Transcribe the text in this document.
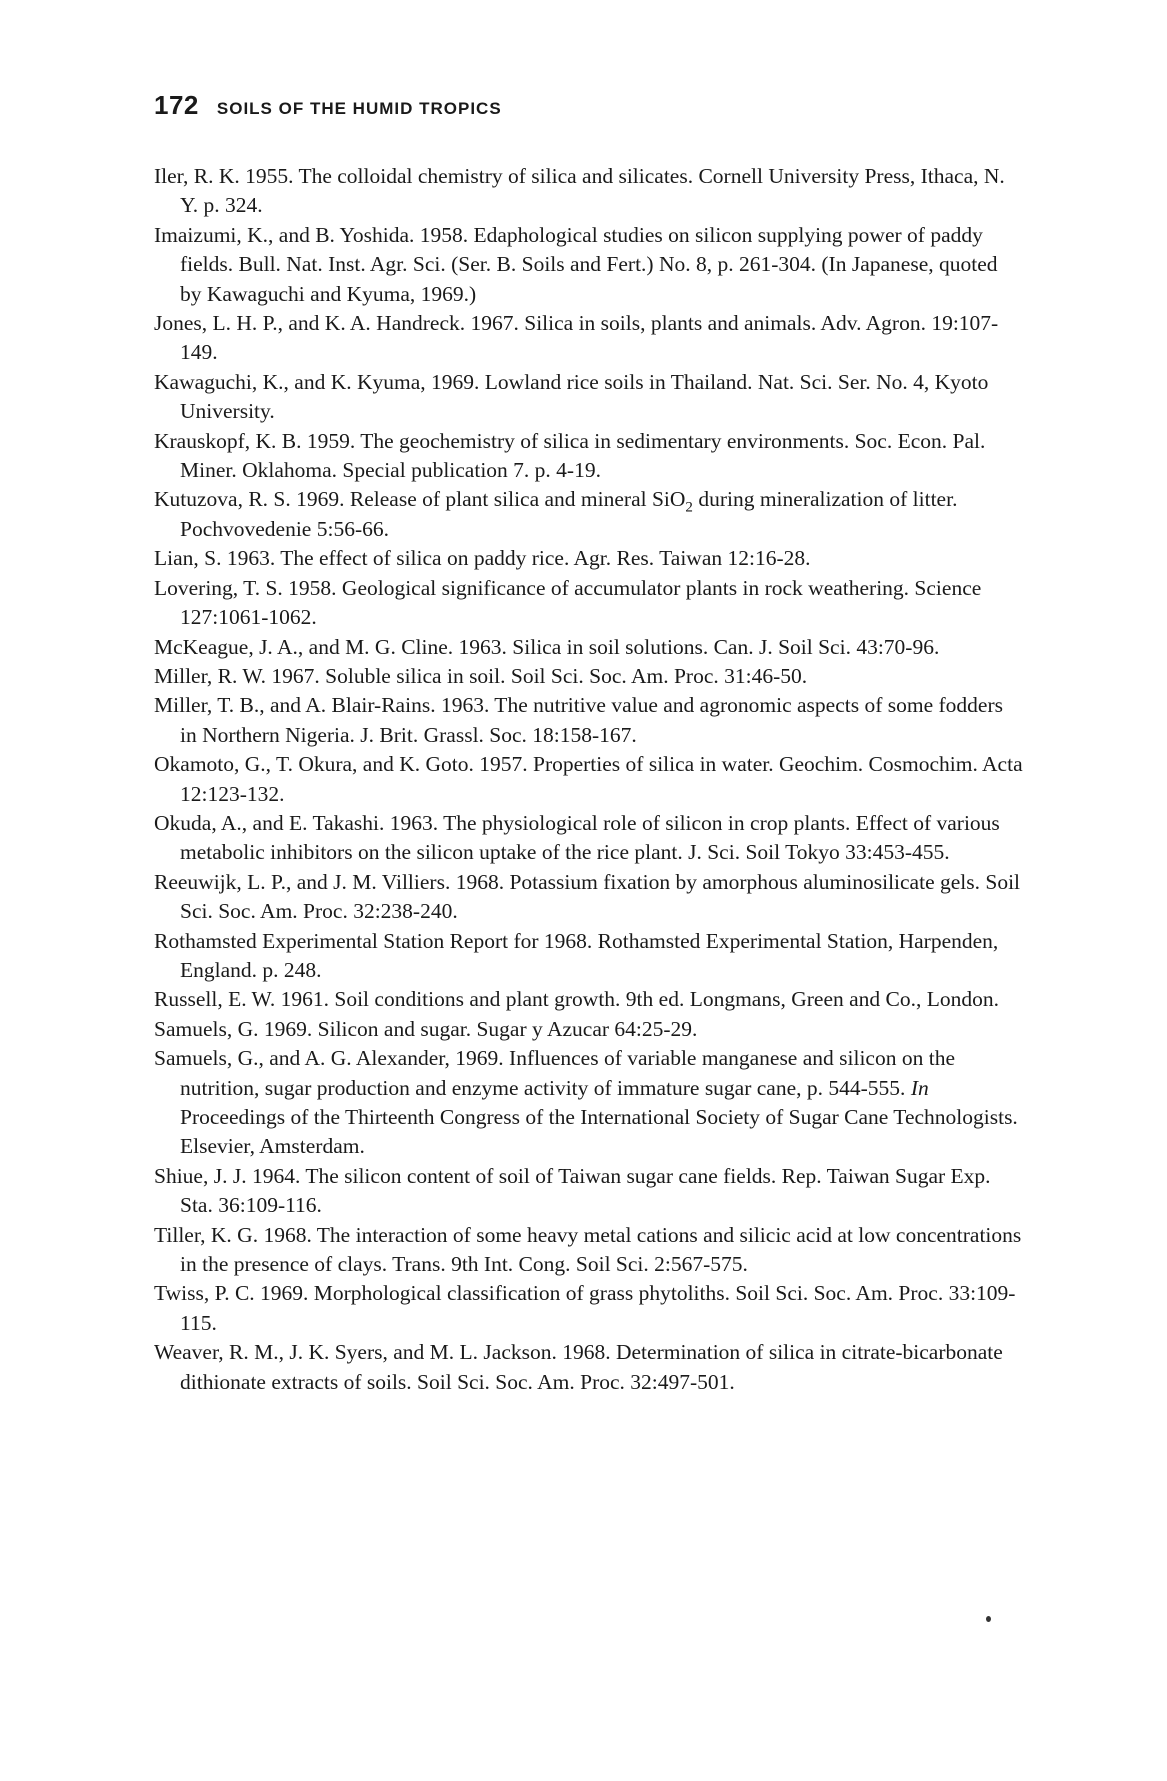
172 SOILS OF THE HUMID TROPICS
Iler, R. K. 1955. The colloidal chemistry of silica and silicates. Cornell University Press, Ithaca, N. Y. p. 324.
Imaizumi, K., and B. Yoshida. 1958. Edaphological studies on silicon supplying power of paddy fields. Bull. Nat. Inst. Agr. Sci. (Ser. B. Soils and Fert.) No. 8, p. 261-304. (In Japanese, quoted by Kawaguchi and Kyuma, 1969.)
Jones, L. H. P., and K. A. Handreck. 1967. Silica in soils, plants and animals. Adv. Agron. 19:107-149.
Kawaguchi, K., and K. Kyuma, 1969. Lowland rice soils in Thailand. Nat. Sci. Ser. No. 4, Kyoto University.
Krauskopf, K. B. 1959. The geochemistry of silica in sedimentary environments. Soc. Econ. Pal. Miner. Oklahoma. Special publication 7. p. 4-19.
Kutuzova, R. S. 1969. Release of plant silica and mineral SiO$_2$ during mineralization of litter. Pochvovedenie 5:56-66.
Lian, S. 1963. The effect of silica on paddy rice. Agr. Res. Taiwan 12:16-28.
Lovering, T. S. 1958. Geological significance of accumulator plants in rock weathering. Science 127:1061-1062.
McKeague, J. A., and M. G. Cline. 1963. Silica in soil solutions. Can. J. Soil Sci. 43:70-96.
Miller, R. W. 1967. Soluble silica in soil. Soil Sci. Soc. Am. Proc. 31:46-50.
Miller, T. B., and A. Blair-Rains. 1963. The nutritive value and agronomic aspects of some fodders in Northern Nigeria. J. Brit. Grassl. Soc. 18:158-167.
Okamoto, G., T. Okura, and K. Goto. 1957. Properties of silica in water. Geochim. Cosmochim. Acta 12:123-132.
Okuda, A., and E. Takashi. 1963. The physiological role of silicon in crop plants. Effect of various metabolic inhibitors on the silicon uptake of the rice plant. J. Sci. Soil Tokyo 33:453-455.
Reeuwijk, L. P., and J. M. Villiers. 1968. Potassium fixation by amorphous aluminosilicate gels. Soil Sci. Soc. Am. Proc. 32:238-240.
Rothamsted Experimental Station Report for 1968. Rothamsted Experimental Station, Harpenden, England. p. 248.
Russell, E. W. 1961. Soil conditions and plant growth. 9th ed. Longmans, Green and Co., London.
Samuels, G. 1969. Silicon and sugar. Sugar y Azucar 64:25-29.
Samuels, G., and A. G. Alexander, 1969. Influences of variable manganese and silicon on the nutrition, sugar production and enzyme activity of immature sugar cane, p. 544-555. In Proceedings of the Thirteenth Congress of the International Society of Sugar Cane Technologists. Elsevier, Amsterdam.
Shiue, J. J. 1964. The silicon content of soil of Taiwan sugar cane fields. Rep. Taiwan Sugar Exp. Sta. 36:109-116.
Tiller, K. G. 1968. The interaction of some heavy metal cations and silicic acid at low concentrations in the presence of clays. Trans. 9th Int. Cong. Soil Sci. 2:567-575.
Twiss, P. C. 1969. Morphological classification of grass phytoliths. Soil Sci. Soc. Am. Proc. 33:109-115.
Weaver, R. M., J. K. Syers, and M. L. Jackson. 1968. Determination of silica in citrate-bicarbonate dithionate extracts of soils. Soil Sci. Soc. Am. Proc. 32:497-501.
